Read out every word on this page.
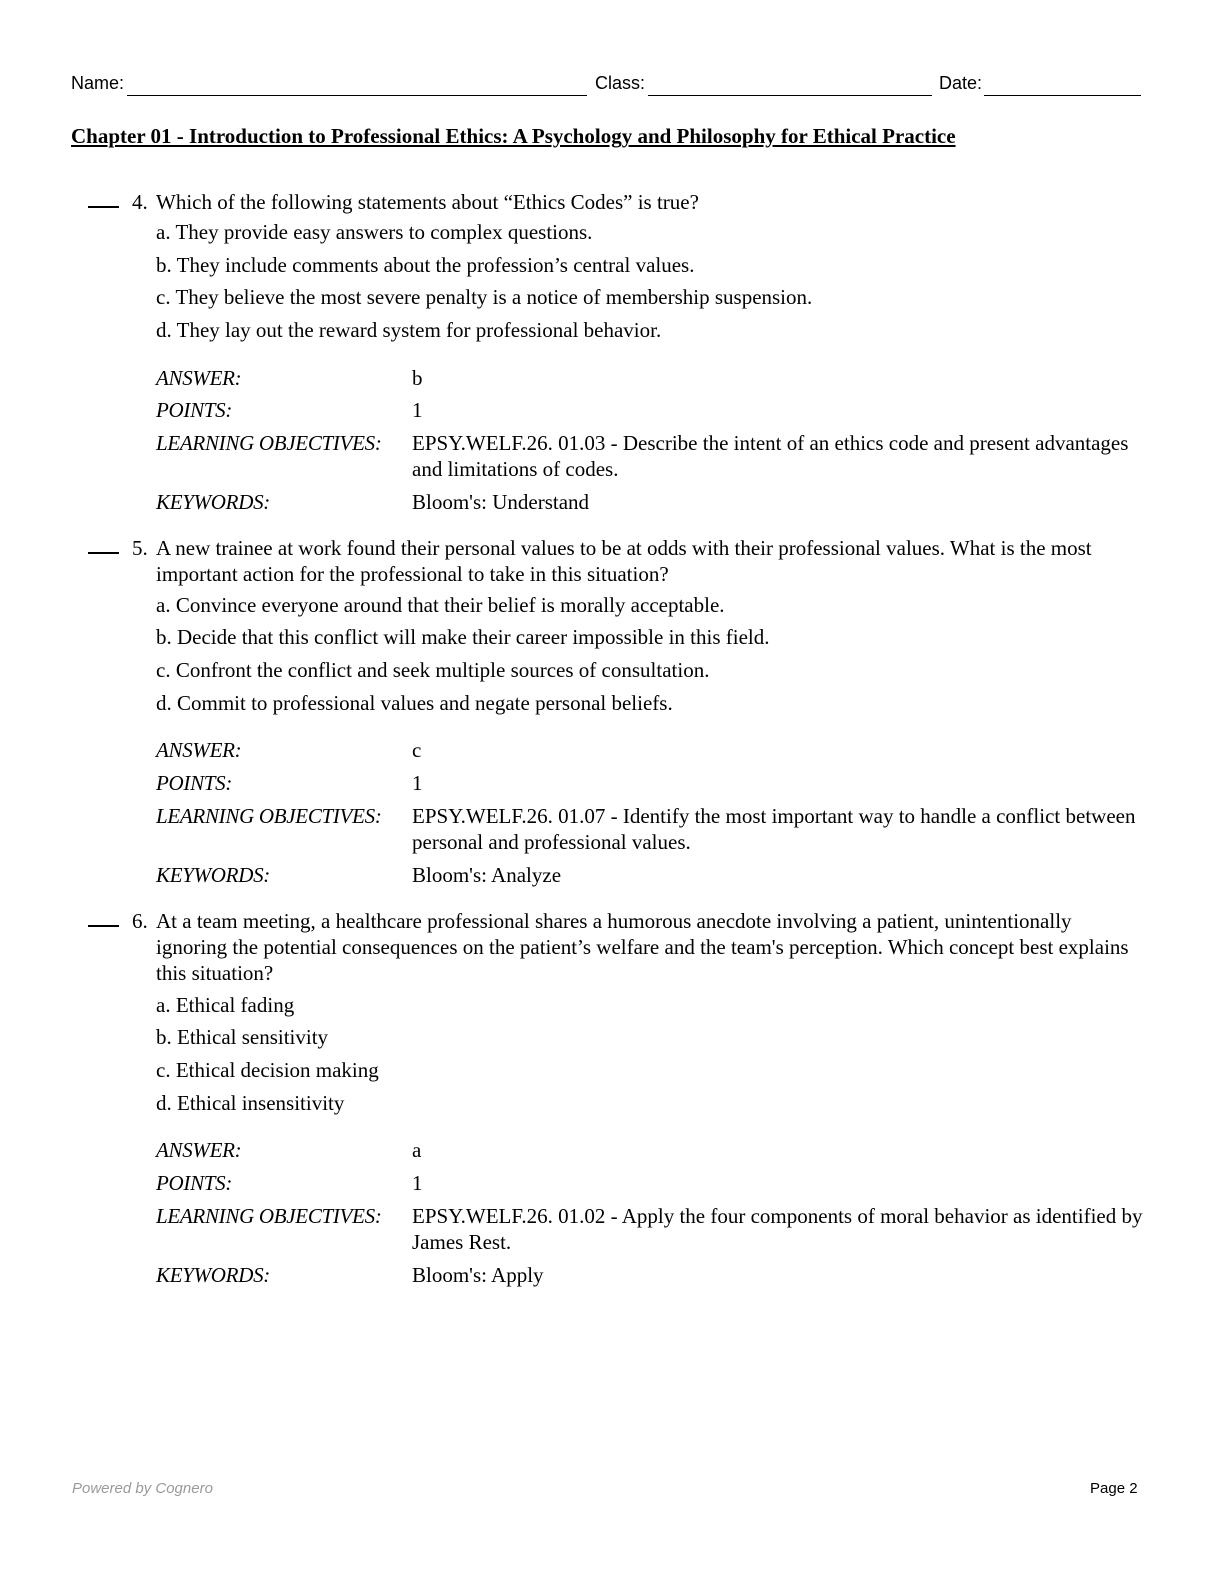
Name:	Class:	Date:
Chapter 01 - Introduction to Professional Ethics: A Psychology and Philosophy for Ethical Practice
4. Which of the following statements about “Ethics Codes” is true?
a. They provide easy answers to complex questions.
b. They include comments about the profession’s central values.
c. They believe the most severe penalty is a notice of membership suspension.
d. They lay out the reward system for professional behavior.
ANSWER:	b
POINTS:	1
LEARNING OBJECTIVES: EPSY.WELF.26. 01.03 - Describe the intent of an ethics code and present advantages and limitations of codes.
KEYWORDS:	Bloom's: Understand
5. A new trainee at work found their personal values to be at odds with their professional values. What is the most important action for the professional to take in this situation?
a. Convince everyone around that their belief is morally acceptable.
b. Decide that this conflict will make their career impossible in this field.
c. Confront the conflict and seek multiple sources of consultation.
d. Commit to professional values and negate personal beliefs.
ANSWER:	c
POINTS:	1
LEARNING OBJECTIVES: EPSY.WELF.26. 01.07 - Identify the most important way to handle a conflict between personal and professional values.
KEYWORDS:	Bloom's: Analyze
6. At a team meeting, a healthcare professional shares a humorous anecdote involving a patient, unintentionally ignoring the potential consequences on the patient’s welfare and the team's perception. Which concept best explains this situation?
a. Ethical fading
b. Ethical sensitivity
c. Ethical decision making
d. Ethical insensitivity
ANSWER:	a
POINTS:	1
LEARNING OBJECTIVES: EPSY.WELF.26. 01.02 - Apply the four components of moral behavior as identified by James Rest.
KEYWORDS:	Bloom's: Apply
Powered by Cognero	Page 2
